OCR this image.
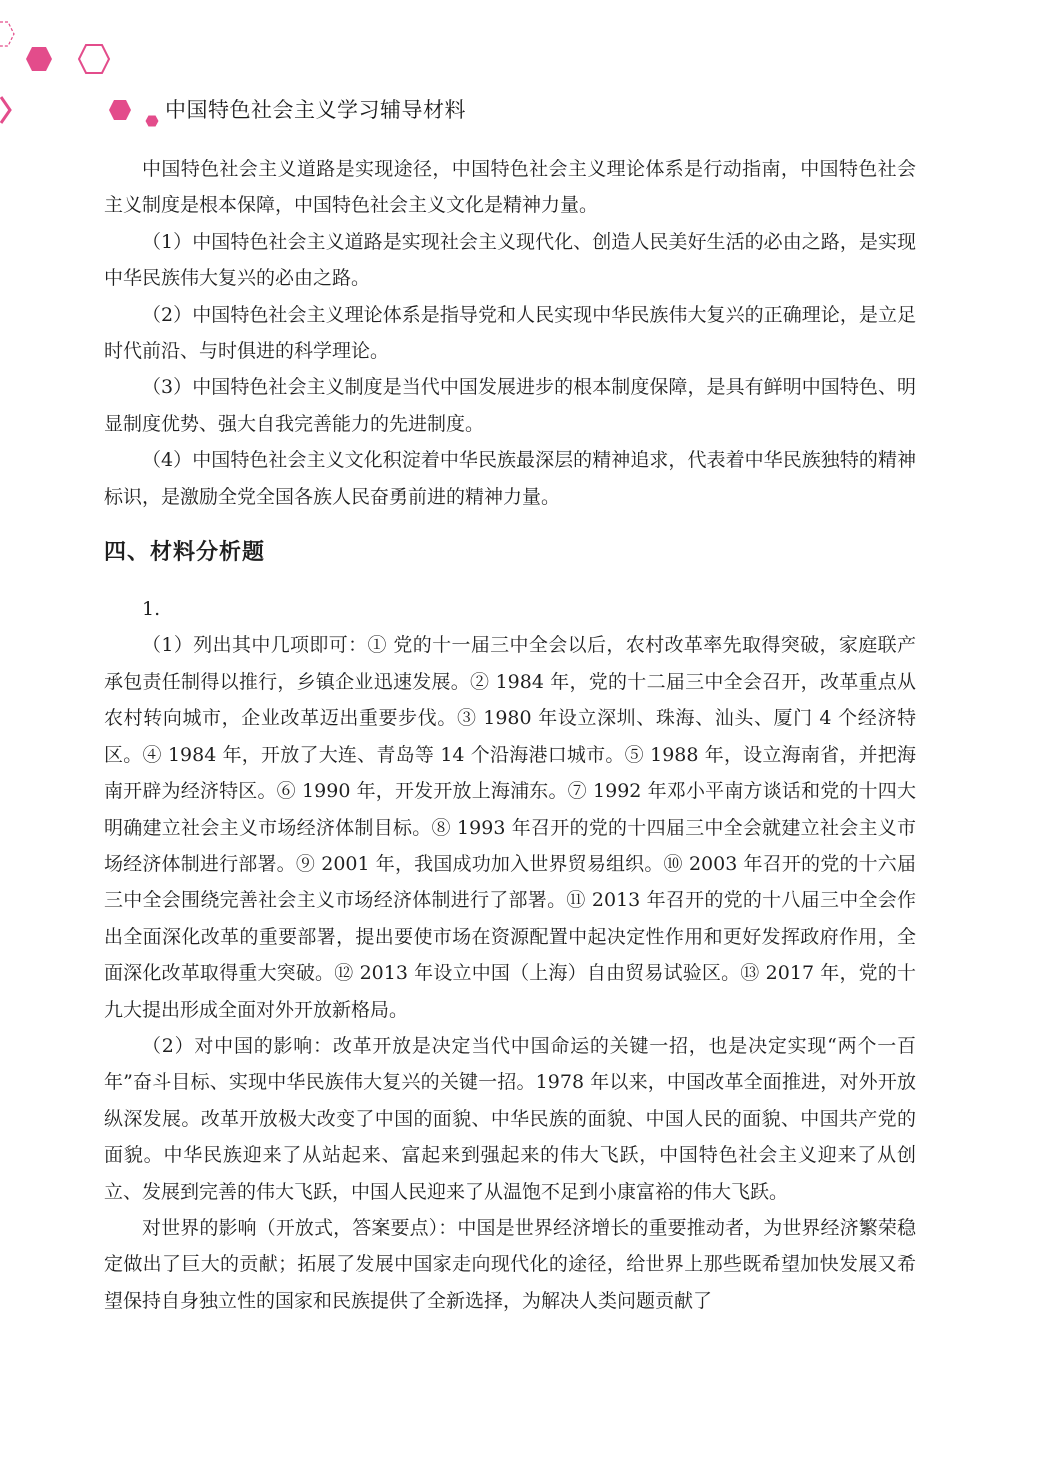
中国特色社会主义学习辅导材料

中国特色社会主义道路是实现途径，中国特色社会主义理论体系是行动指南，中国特色社会主义制度是根本保障，中国特色社会主义文化是精神力量。

（1）中国特色社会主义道路是实现社会主义现代化、创造人民美好生活的必由之路，是实现中华民族伟大复兴的必由之路。

（2）中国特色社会主义理论体系是指导党和人民实现中华民族伟大复兴的正确理论，是立足时代前沿、与时俱进的科学理论。

（3）中国特色社会主义制度是当代中国发展进步的根本制度保障，是具有鲜明中国特色、明显制度优势、强大自我完善能力的先进制度。

（4）中国特色社会主义文化积淀着中华民族最深层的精神追求，代表着中华民族独特的精神标识，是激励全党全国各族人民奋勇前进的精神力量。

四、材料分析题

1.

（1）列出其中几项即可：① 党的十一届三中全会以后，农村改革率先取得突破，家庭联产承包责任制得以推行，乡镇企业迅速发展。② 1984 年，党的十二届三中全会召开，改革重点从农村转向城市，企业改革迈出重要步伐。③ 1980 年设立深圳、珠海、汕头、厦门 4 个经济特区。④ 1984 年，开放了大连、青岛等 14 个沿海港口城市。⑤ 1988 年，设立海南省，并把海南开辟为经济特区。⑥ 1990 年，开发开放上海浦东。⑦ 1992 年邓小平南方谈话和党的十四大明确建立社会主义市场经济体制目标。⑧ 1993 年召开的党的十四届三中全会就建立社会主义市场经济体制进行部署。⑨ 2001 年，我国成功加入世界贸易组织。⑩ 2003 年召开的党的十六届三中全会围绕完善社会主义市场经济体制进行了部署。⑪ 2013 年召开的党的十八届三中全会作出全面深化改革的重要部署，提出要使市场在资源配置中起决定性作用和更好发挥政府作用，全面深化改革取得重大突破。⑫ 2013 年设立中国（上海）自由贸易试验区。⑬ 2017 年，党的十九大提出形成全面对外开放新格局。

（2）对中国的影响：改革开放是决定当代中国命运的关键一招，也是决定实现“两个一百年”奋斗目标、实现中华民族伟大复兴的关键一招。1978 年以来，中国改革全面推进，对外开放纵深发展。改革开放极大改变了中国的面貌、中华民族的面貌、中国人民的面貌、中国共产党的面貌。中华民族迎来了从站起来、富起来到强起来的伟大飞跃，中国特色社会主义迎来了从创立、发展到完善的伟大飞跃，中国人民迎来了从温饱不足到小康富裕的伟大飞跃。

对世界的影响（开放式，答案要点）：中国是世界经济增长的重要推动者，为世界经济繁荣稳定做出了巨大的贡献；拓展了发展中国家走向现代化的途径，给世界上那些既希望加快发展又希望保持自身独立性的国家和民族提供了全新选择，为解决人类问题贡献了
